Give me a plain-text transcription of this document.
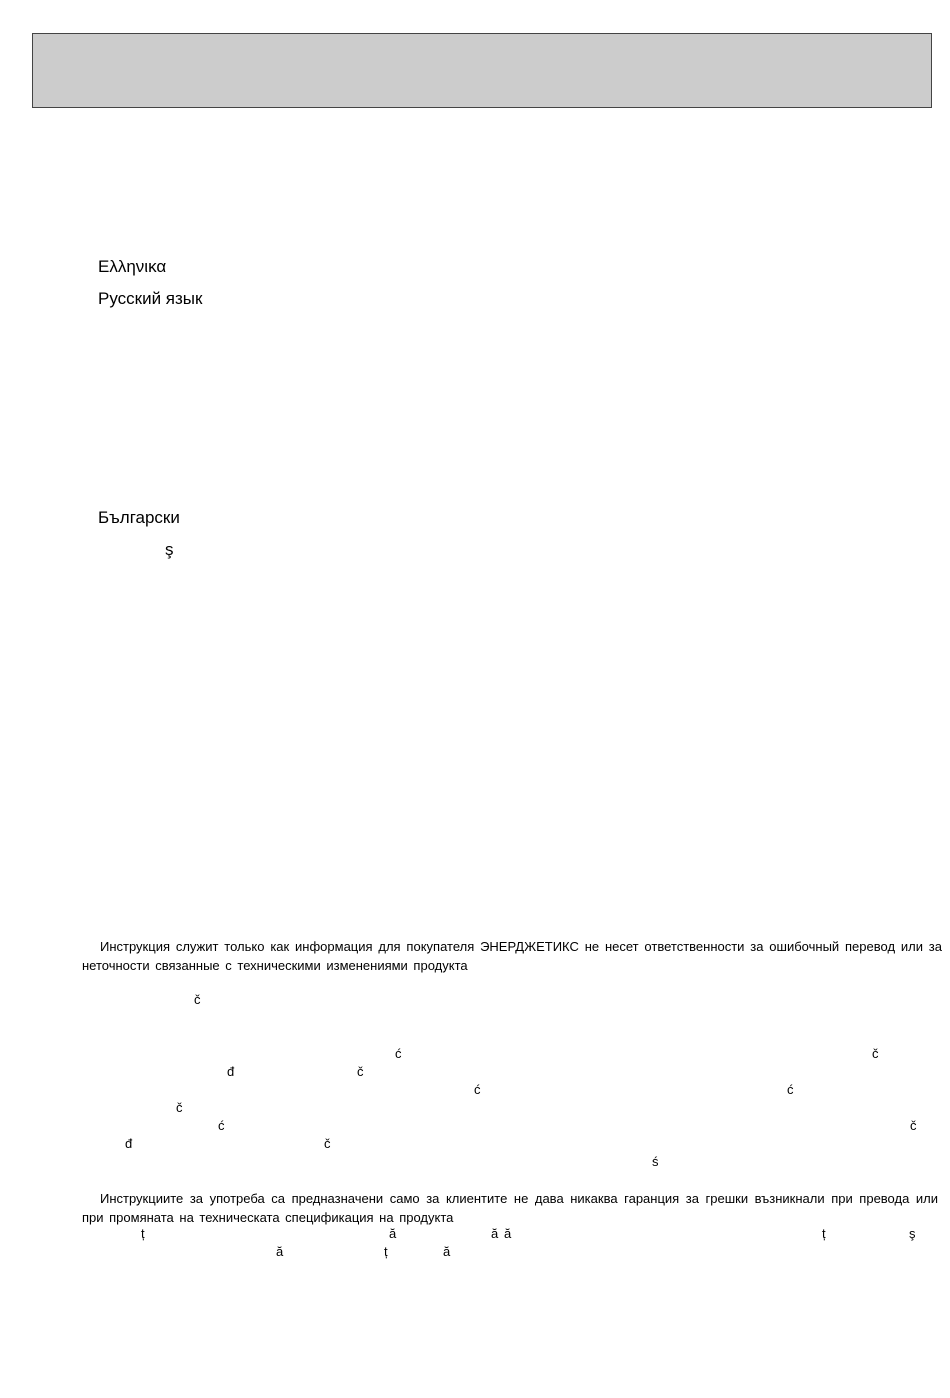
Ελληνικα
Русский язык
Български
ş
Инструкция служит только как информация для покупателя ЭНЕРДЖЕТИКС не несет ответственности за ошибочный перевод или за неточности связанные с техническими изменениями продукта
č
ć	č
đ	č
ć	ć
č
ć	č
đ	č
ś
Инструкциите за употреба са предназначени само за клиентите не дава никаква гаранция за грешки възникнали при превода или при промяната на техническата спецификация на продукта
ț	ă	ă ă	ț	ş
ă	ț	ă
